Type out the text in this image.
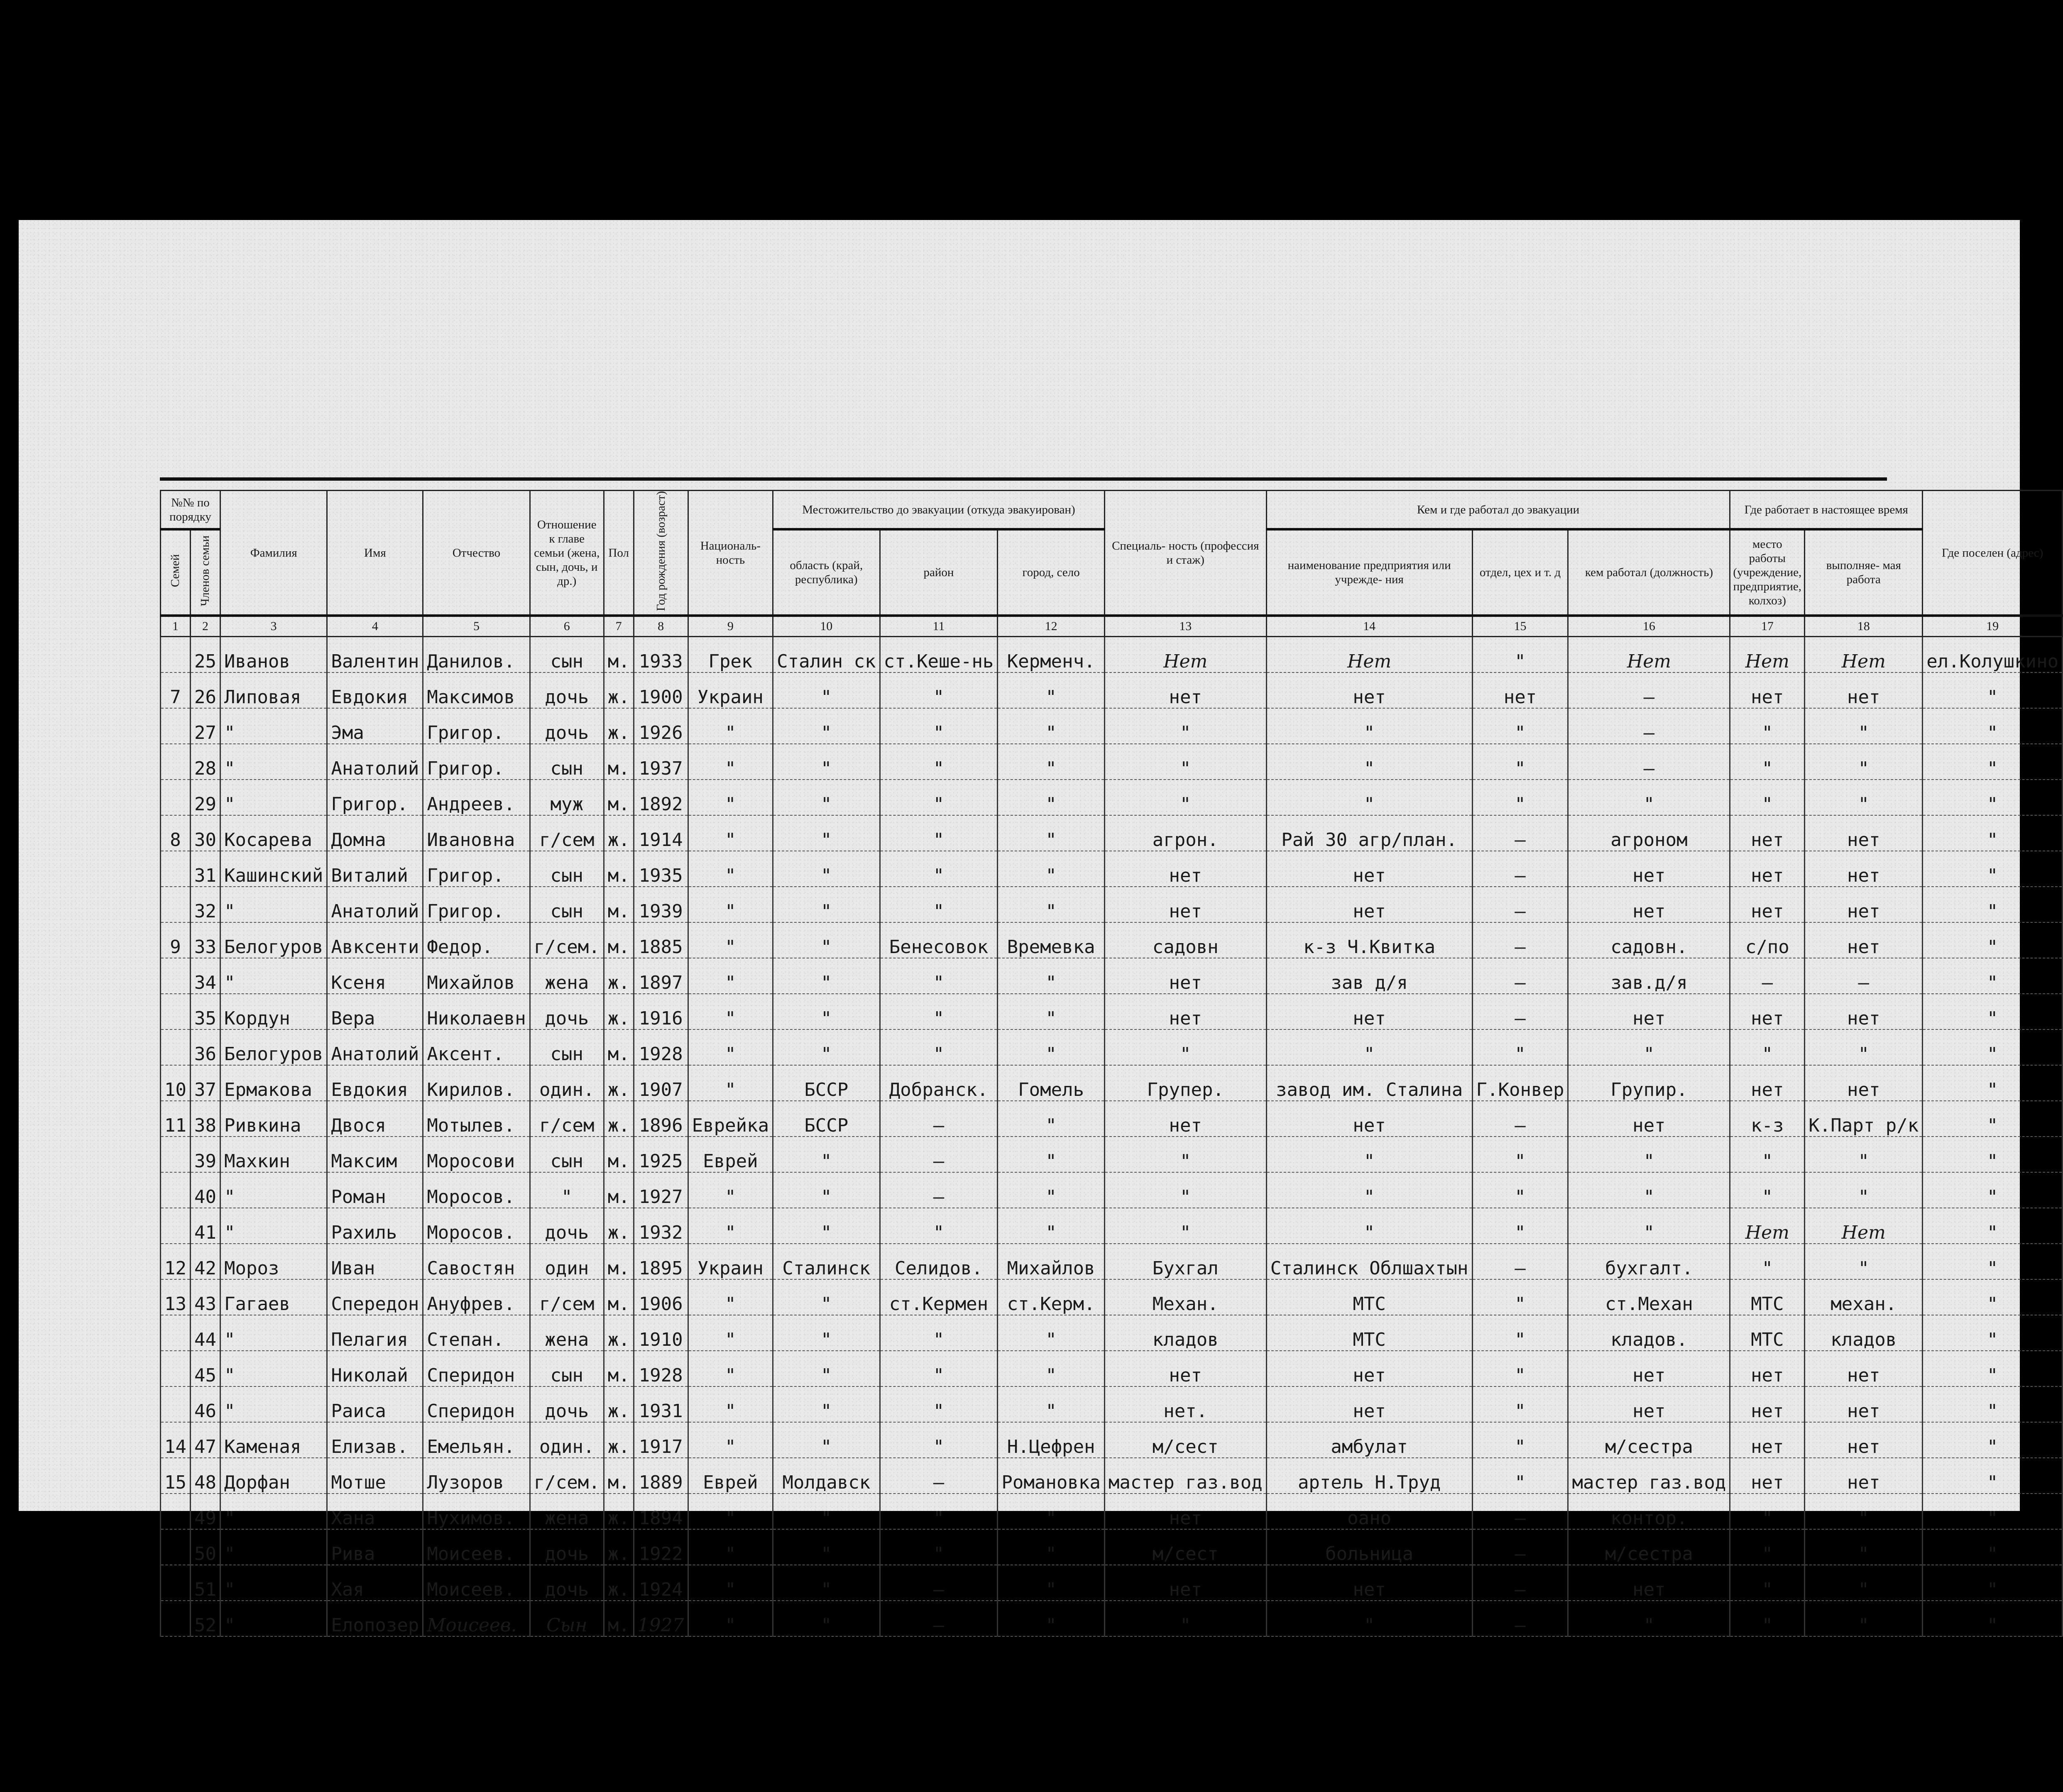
№№ по порядку		Фамилия	Имя	Отчество	Отношение к главе семьи (жена, сын, дочь, и др.)	Пол	Год рождения (возраст)	Националь- ность	Местожительство до эвакуации (откуда эвакуирован)			Специаль- ность (профессия и стаж)	Кем и где работал до эвакуации			Где работает в настоящее время		Где поселен (адрес)
Семей	Членов семьи								область (край, республика)	район	город, село		наименование предприятия или учрежде- ния	отдел, цех и т. д	кем работал (должность)	место работы (учреждение, предприятие, колхоз)	выполняе- мая работа	
1	2	3	4	5	6	7	8	9	10	11	12	13	14	15	16	17	18	19
	25	Иванов	Валентин	Данилов.	сын	м.	1933	Грек	Сталин ск	ст.Кеше-нь	Керменч.	Нет	Нет	"	Нет	Нет	Нет	ел.Колушкино
7	26	Липовая	Евдокия	Максимов	дочь	ж.	1900	Украин	"	"	"	нет	нет	нет	–	нет	нет	"
	27	"	Эма	Григор.	дочь	ж.	1926	"	"	"	"	"	"	"	–	"	"	"
	28	"	Анатолий	Григор.	сын	м.	1937	"	"	"	"	"	"	"	–	"	"	"
	29	"	Григор.	Андреев.	муж	м.	1892	"	"	"	"	"	"	"	"	"	"	"
8	30	Косарева	Домна	Ивановна	г/сем	ж.	1914	"	"	"	"	агрон.	Рай 30 агр/план.	–	агроном	нет	нет	"
	31	Кашинский	Виталий	Григор.	сын	м.	1935	"	"	"	"	нет	нет	–	нет	нет	нет	"
	32	"	Анатолий	Григор.	сын	м.	1939	"	"	"	"	нет	нет	–	нет	нет	нет	"
9	33	Белогуров	Авксенти	Федор.	г/сем.	м.	1885	"	"	Бенесовок	Времевка	садовн	к-з Ч.Квитка	–	садовн.	с/по	нет	"
	34	"	Ксеня	Михайлов	жена	ж.	1897	"	"	"	"	нет	зав д/я	–	зав.д/я	–	–	"
	35	Кордун	Вера	Николаевн	дочь	ж.	1916	"	"	"	"	нет	нет	–	нет	нет	нет	"
	36	Белогуров	Анатолий	Аксент.	сын	м.	1928	"	"	"	"	"	"	"	"	"	"	"
10	37	Ермакова	Евдокия	Кирилов.	один.	ж.	1907	"	БССР	Добранск.	Гомель	Групер.	завод им. Сталина	Г.Конвер	Групир.	нет	нет	"
11	38	Ривкина	Двося	Мотылев.	г/сем	ж.	1896	Еврейка	БССР	–	"	нет	нет	–	нет	к-з	К.Парт р/к	"
	39	Махкин	Максим	Моросови	сын	м.	1925	Еврей	"	–	"	"	"	"	"	"	"	"
	40	"	Роман	Моросов.	"	м.	1927	"	"	–	"	"	"	"	"	"	"	"
	41	"	Рахиль	Моросов.	дочь	ж.	1932	"	"	"	"	"	"	"	"	Нет	Нет	"
12	42	Мороз	Иван	Савостян	один	м.	1895	Украин	Сталинск	Селидов.	Михайлов	Бухгал	Сталинск Облшахтын	–	бухгалт.	"	"	"
13	43	Гагаев	Спередон	Ануфрев.	г/сем	м.	1906	"	"	ст.Кермен	ст.Керм.	Механ.	МТС	"	ст.Механ	МТС	механ.	"
	44	"	Пелагия	Степан.	жена	ж.	1910	"	"	"	"	кладов	МТС	"	кладов.	МТС	кладов	"
	45	"	Николай	Сперидон	сын	м.	1928	"	"	"	"	нет	нет	"	нет	нет	нет	"
	46	"	Раиса	Сперидон	дочь	ж.	1931	"	"	"	"	нет.	нет	"	нет	нет	нет	"
14	47	Каменая	Елизав.	Емельян.	один.	ж.	1917	"	"	"	Н.Цефрен	м/сест	амбулат	"	м/сестра	нет	нет	"
15	48	Дорфан	Мотше	Лузоров	г/сем.	м.	1889	Еврей	Молдавск	–	Романовка	мастер газ.вод	артель Н.Труд	"	мастер газ.вод	нет	нет	"
	49	"	Хана	Нухимов.	жена	ж.	1894	"	"	"	"	нет	оано	–	контор.	"	"	"
	50	"	Рива	Моисеев.	дочь	ж.	1922	"	"	"	"	м/сест	больница	–	м/сестра	"	"	"
	51	"	Хая	Моисеев.	дочь	ж.	1924	"	"	–	"	нет	нет	–	нет	"	"	"
	52	"	Елопозер	Моисеев.	Сын	м.	1927	"	"	–	"	"	"	–	"	"	"	"
